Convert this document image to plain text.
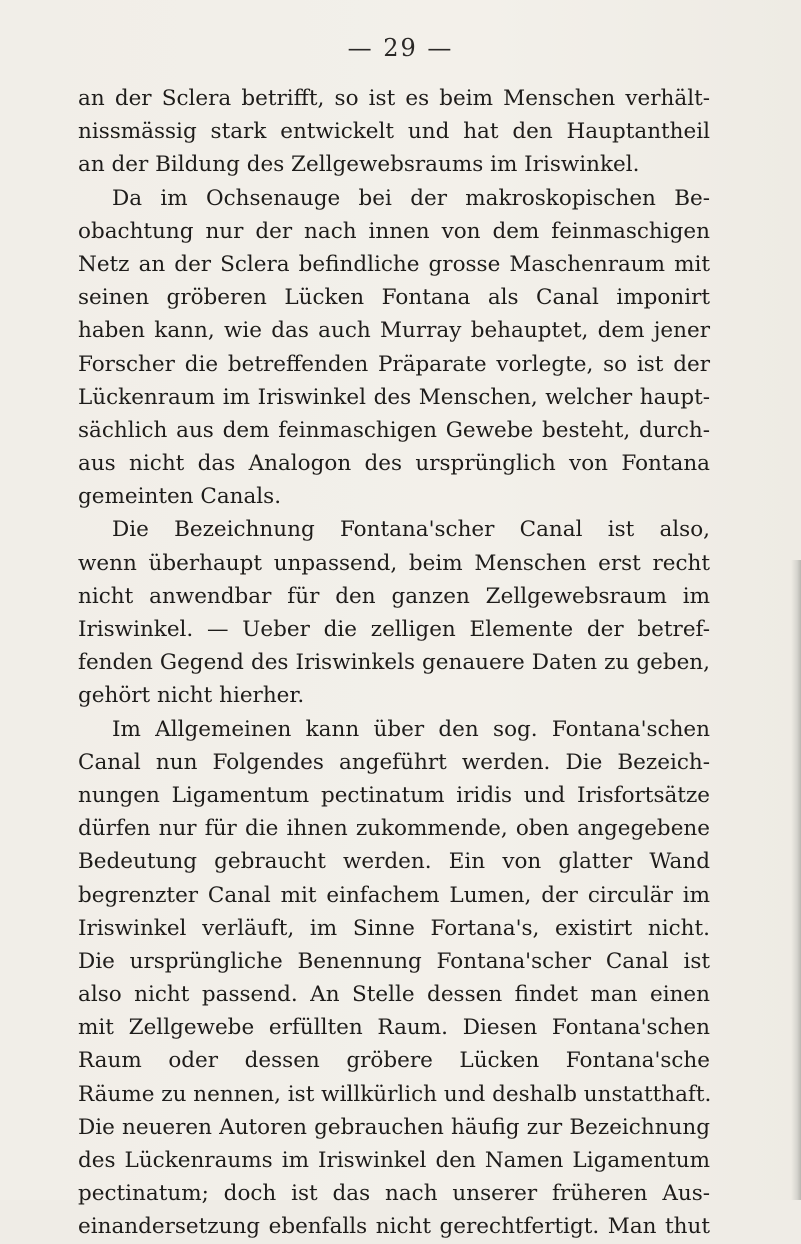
— 29 —
an der Sclera betrifft, so ist es beim Menschen verhält-
nissmässig stark entwickelt und hat den Hauptantheil
an der Bildung des Zellgewebsraums im Iriswinkel.
Da im Ochsenauge bei der makroskopischen Be-
obachtung nur der nach innen von dem feinmaschigen
Netz an der Sclera befindliche grosse Maschenraum mit
seinen gröberen Lücken Fontana als Canal imponirt
haben kann, wie das auch Murray behauptet, dem jener
Forscher die betreffenden Präparate vorlegte, so ist der
Lückenraum im Iriswinkel des Menschen, welcher haupt-
sächlich aus dem feinmaschigen Gewebe besteht, durch-
aus nicht das Analogon des ursprünglich von Fontana
gemeinten Canals.
Die Bezeichnung Fontana'scher Canal ist also,
wenn überhaupt unpassend, beim Menschen erst recht
nicht anwendbar für den ganzen Zellgewebsraum im
Iriswinkel. — Ueber die zelligen Elemente der betref-
fenden Gegend des Iriswinkels genauere Daten zu geben,
gehört nicht hierher.
Im Allgemeinen kann über den sog. Fontana'schen
Canal nun Folgendes angeführt werden. Die Bezeich-
nungen Ligamentum pectinatum iridis und Irisfortsätze
dürfen nur für die ihnen zukommende, oben angegebene
Bedeutung gebraucht werden. Ein von glatter Wand
begrenzter Canal mit einfachem Lumen, der circulär im
Iriswinkel verläuft, im Sinne Fortana's, existirt nicht.
Die ursprüngliche Benennung Fontana'scher Canal ist
also nicht passend. An Stelle dessen findet man einen
mit Zellgewebe erfüllten Raum. Diesen Fontana'schen
Raum oder dessen gröbere Lücken Fontana'sche
Räume zu nennen, ist willkürlich und deshalb unstatthaft.
Die neueren Autoren gebrauchen häufig zur Bezeichnung
des Lückenraums im Iriswinkel den Namen Ligamentum
pectinatum; doch ist das nach unserer früheren Aus-
einandersetzung ebenfalls nicht gerechtfertigt. Man thut
